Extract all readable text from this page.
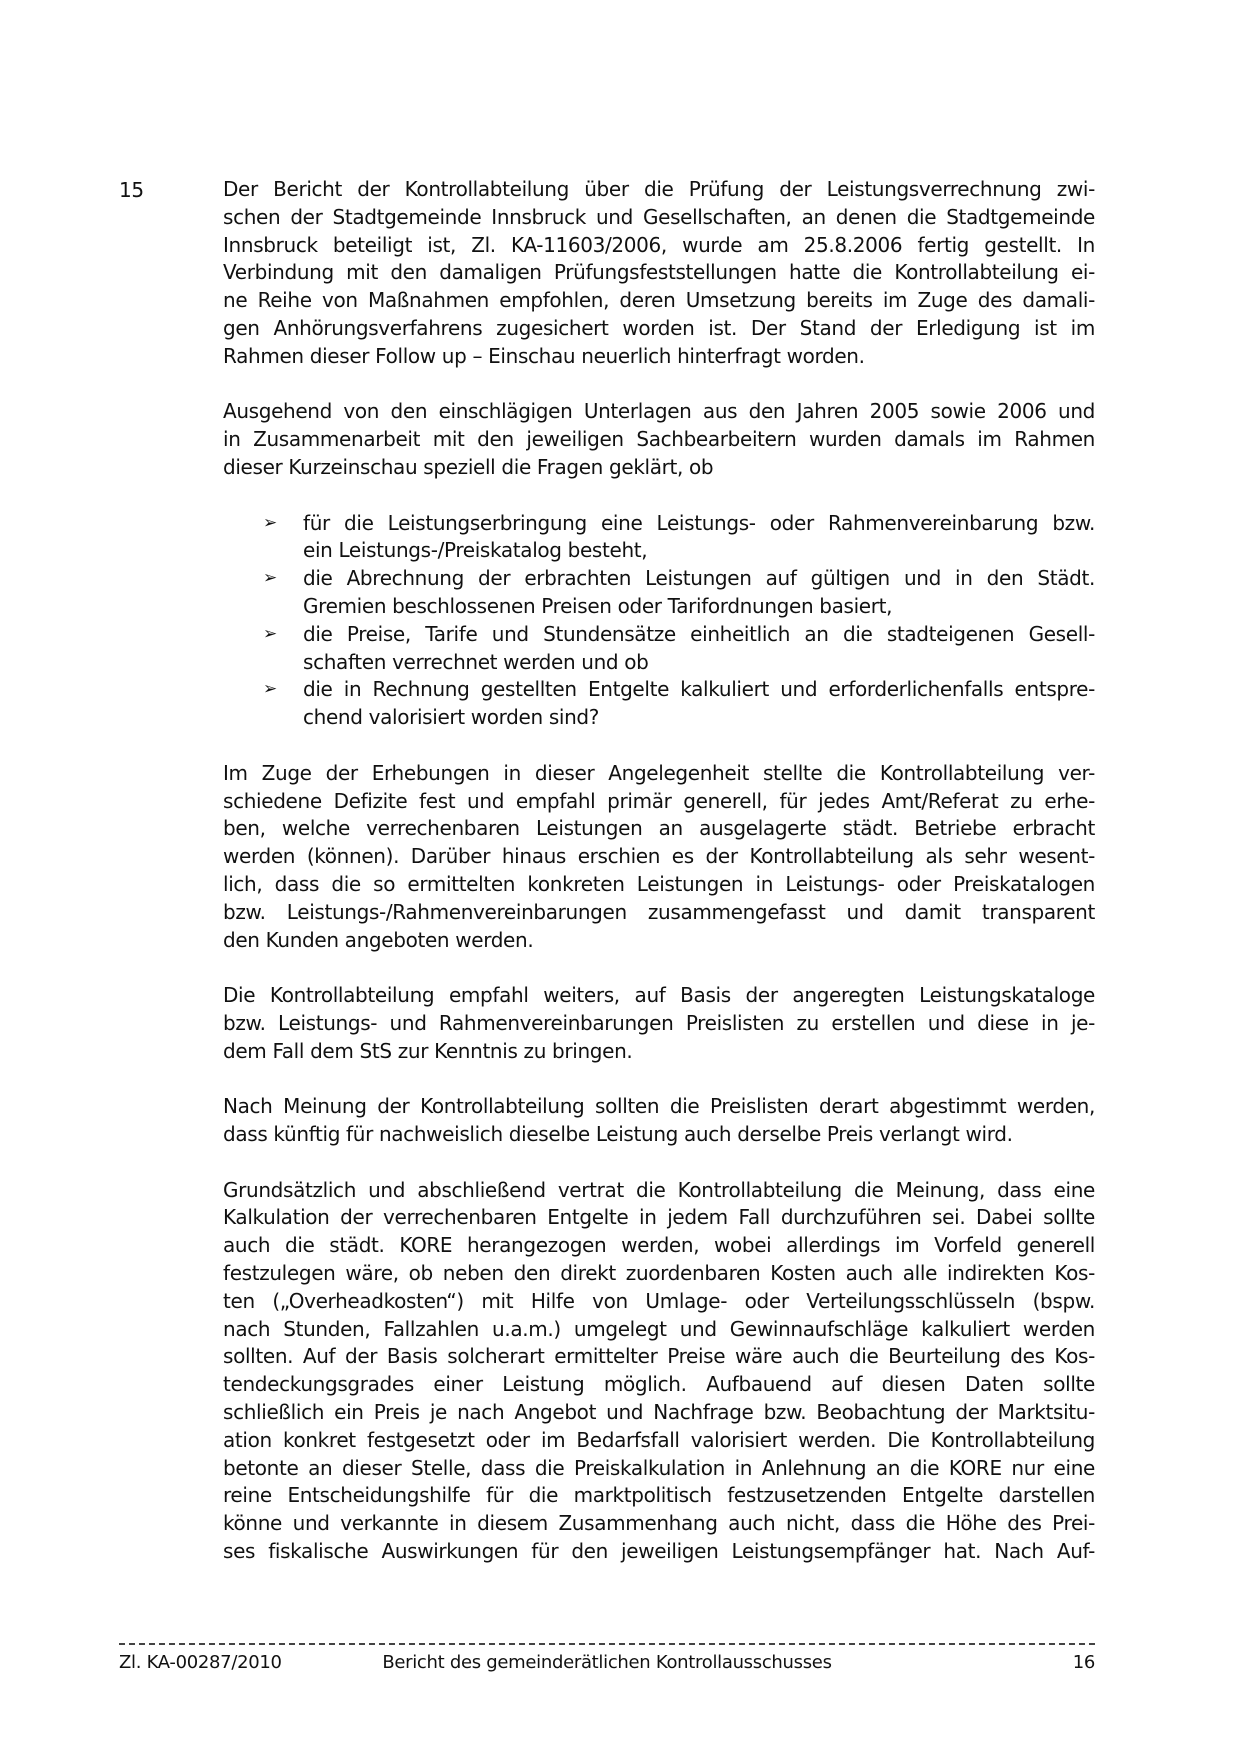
15	Der Bericht der Kontrollabteilung über die Prüfung der Leistungsverrechnung zwi-
schen der Stadtgemeinde Innsbruck und Gesellschaften, an denen die Stadtgemeinde
Innsbruck beteiligt ist, Zl. KA-11603/2006, wurde am 25.8.2006 fertig gestellt. In
Verbindung mit den damaligen Prüfungsfeststellungen hatte die Kontrollabteilung ei-
ne Reihe von Maßnahmen empfohlen, deren Umsetzung bereits im Zuge des damali-
gen Anhörungsverfahrens zugesichert worden ist. Der Stand der Erledigung ist im
Rahmen dieser Follow up – Einschau neuerlich hinterfragt worden.
Ausgehend von den einschlägigen Unterlagen aus den Jahren 2005 sowie 2006 und
in Zusammenarbeit mit den jeweiligen Sachbearbeitern wurden damals im Rahmen
dieser Kurzeinschau speziell die Fragen geklärt, ob
➢ für die Leistungserbringung eine Leistungs- oder Rahmenvereinbarung bzw.
ein Leistungs-/Preiskatalog besteht,
➢ die Abrechnung der erbrachten Leistungen auf gültigen und in den Städt.
Gremien beschlossenen Preisen oder Tarifordnungen basiert,
➢ die Preise, Tarife und Stundensätze einheitlich an die stadteigenen Gesell-
schaften verrechnet werden und ob
➢ die in Rechnung gestellten Entgelte kalkuliert und erforderlichenfalls entspre-
chend valorisiert worden sind?
Im Zuge der Erhebungen in dieser Angelegenheit stellte die Kontrollabteilung ver-
schiedene Defizite fest und empfahl primär generell, für jedes Amt/Referat zu erhe-
ben, welche verrechenbaren Leistungen an ausgelagerte städt. Betriebe erbracht
werden (können). Darüber hinaus erschien es der Kontrollabteilung als sehr wesent-
lich, dass die so ermittelten konkreten Leistungen in Leistungs- oder Preiskatalogen
bzw. Leistungs-/Rahmenvereinbarungen zusammengefasst und damit transparent
den Kunden angeboten werden.
Die Kontrollabteilung empfahl weiters, auf Basis der angeregten Leistungskataloge
bzw. Leistungs- und Rahmenvereinbarungen Preislisten zu erstellen und diese in je-
dem Fall dem StS zur Kenntnis zu bringen.
Nach Meinung der Kontrollabteilung sollten die Preislisten derart abgestimmt werden,
dass künftig für nachweislich dieselbe Leistung auch derselbe Preis verlangt wird.
Grundsätzlich und abschließend vertrat die Kontrollabteilung die Meinung, dass eine
Kalkulation der verrechenbaren Entgelte in jedem Fall durchzuführen sei. Dabei sollte
auch die städt. KORE herangezogen werden, wobei allerdings im Vorfeld generell
festzulegen wäre, ob neben den direkt zuordenbaren Kosten auch alle indirekten Kos-
ten („Overheadkosten“) mit Hilfe von Umlage- oder Verteilungsschlüsseln (bspw.
nach Stunden, Fallzahlen u.a.m.) umgelegt und Gewinnaufschläge kalkuliert werden
sollten. Auf der Basis solcherart ermittelter Preise wäre auch die Beurteilung des Kos-
tendeckungsgrades einer Leistung möglich. Aufbauend auf diesen Daten sollte
schließlich ein Preis je nach Angebot und Nachfrage bzw. Beobachtung der Marktsitu-
ation konkret festgesetzt oder im Bedarfsfall valorisiert werden. Die Kontrollabteilung
betonte an dieser Stelle, dass die Preiskalkulation in Anlehnung an die KORE nur eine
reine Entscheidungshilfe für die marktpolitisch festzusetzenden Entgelte darstellen
könne und verkannte in diesem Zusammenhang auch nicht, dass die Höhe des Prei-
ses fiskalische Auswirkungen für den jeweiligen Leistungsempfänger hat. Nach Auf-
Zl. KA-00287/2010	Bericht des gemeinderätlichen Kontrollausschusses	16
